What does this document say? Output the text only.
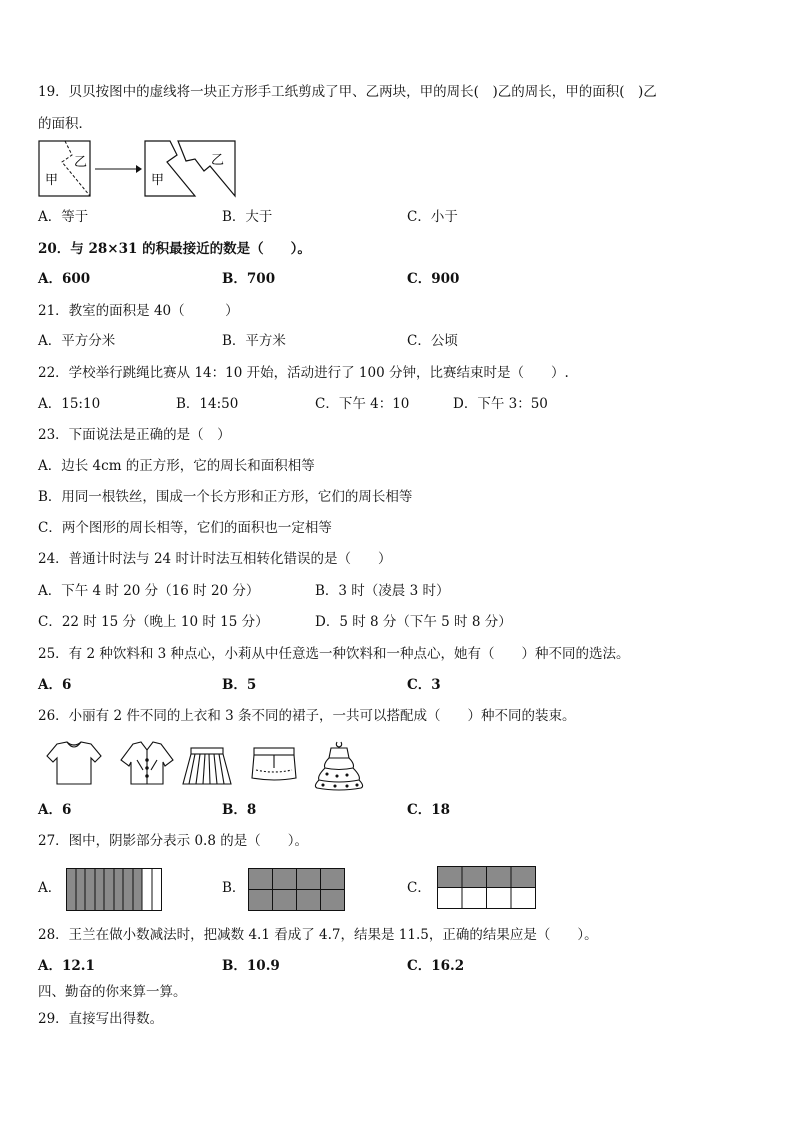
19．贝贝按图中的虚线将一块正方形手工纸剪成了甲、乙两块，甲的周长(　)乙的周长，甲的面积(　)乙
的面积．
甲
乙
甲
乙
A．等于	B．大于	C．小于
20．与 28×31 的积最接近的数是（　　）。
A．600	B．700	C．900
21．教室的面积是 40（　　　）
A．平方分米	B．平方米	C．公顷
22．学校举行跳绳比赛从 14：10 开始，活动进行了 100 分钟，比赛结束时是（　　）.
A．15:10	B．14:50	C．下午 4：10	D．下午 3：50
23．下面说法是正确的是（　）
A．边长 4cm 的正方形，它的周长和面积相等
B．用同一根铁丝，围成一个长方形和正方形，它们的周长相等
C．两个图形的周长相等，它们的面积也一定相等
24．普通计时法与 24 时计时法互相转化错误的是（　　）
A．下午 4 时 20 分（16 时 20 分）	B．3 时（凌晨 3 时）
C．22 时 15 分（晚上 10 时 15 分）	D．5 时 8 分（下午 5 时 8 分）
25．有 2 种饮料和 3 种点心，小莉从中任意选一种饮料和一种点心，她有（　　）种不同的选法。
A．6	B．5	C．3
26．小丽有 2 件不同的上衣和 3 条不同的裙子，一共可以搭配成（　　）种不同的装束。
A．6	B．8	C．18
27．图中，阴影部分表示 0.8 的是（　　）。
A．	B．	C．
28．王兰在做小数减法时，把减数 4.1 看成了 4.7，结果是 11.5，正确的结果应是（　　）。
A．12.1	B．10.9	C．16.2
四、勤奋的你来算一算。
29．直接写出得数。
